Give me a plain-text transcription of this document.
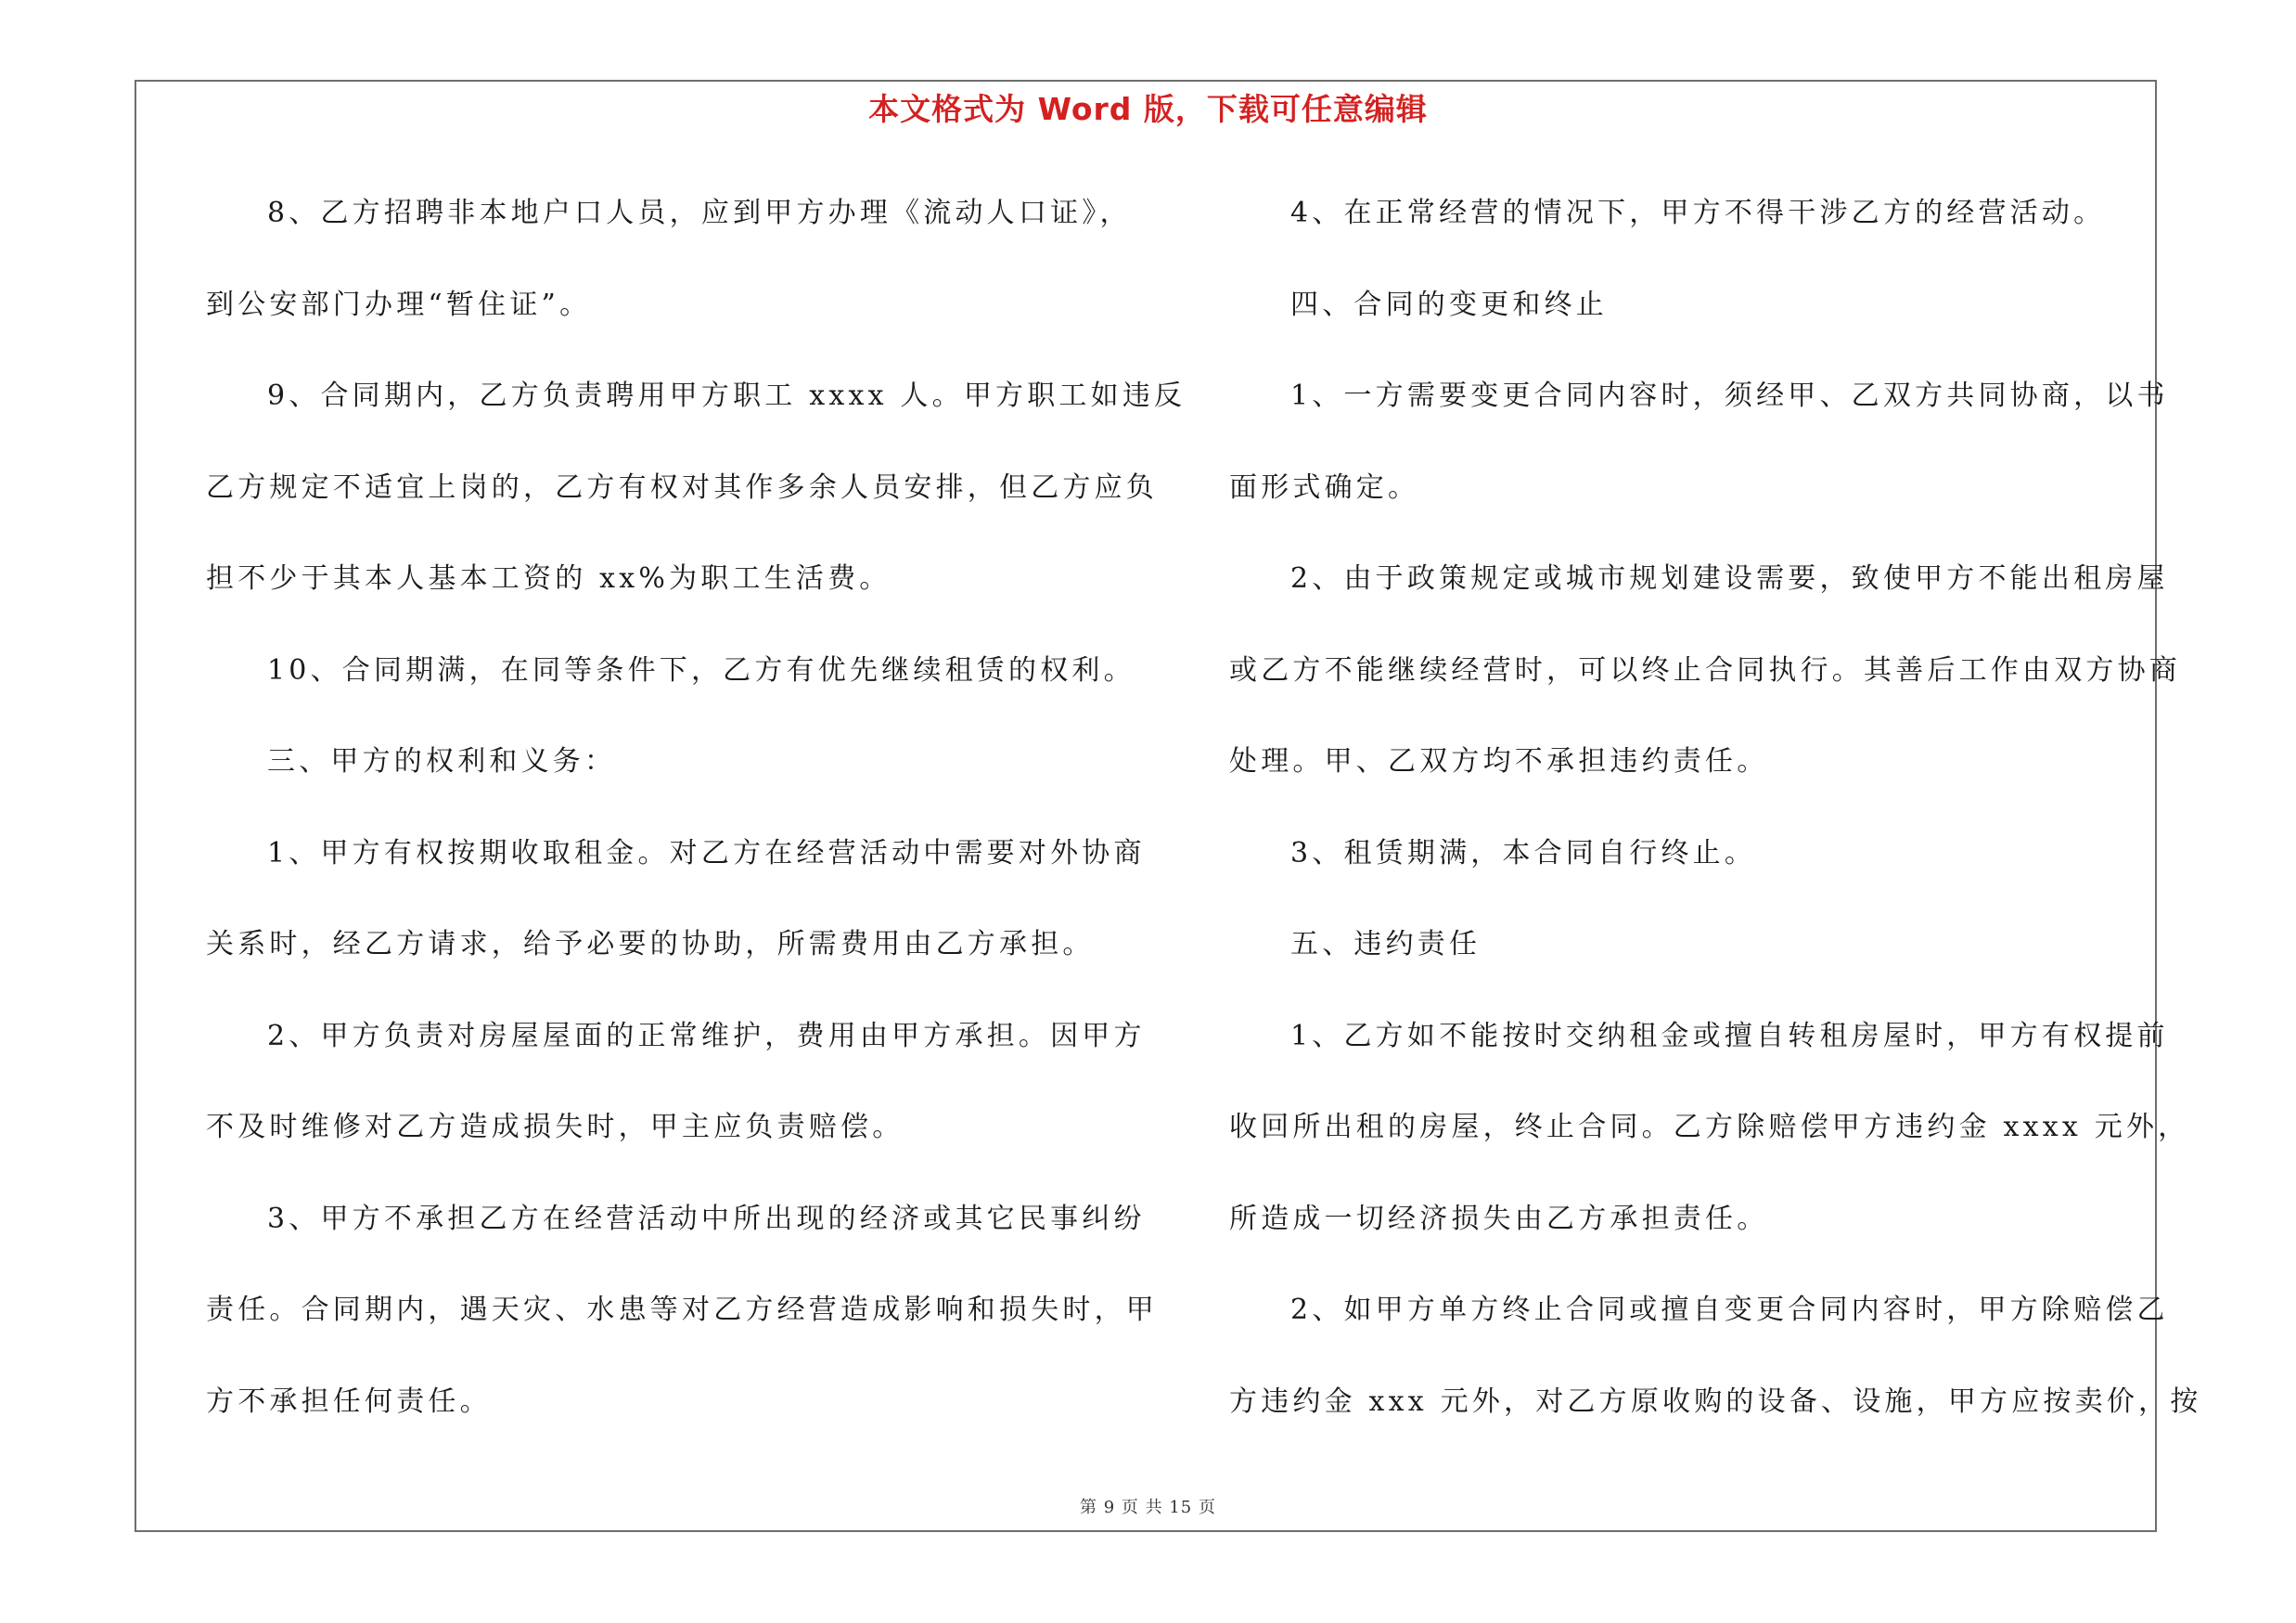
本文格式为 Word 版，下载可任意编辑
8、乙方招聘非本地户口人员，应到甲方办理《流动人口证》，
到公安部门办理“暂住证”。
9、合同期内，乙方负责聘用甲方职工 xxxx 人。甲方职工如违反
乙方规定不适宜上岗的，乙方有权对其作多余人员安排，但乙方应负
担不少于其本人基本工资的 xx%为职工生活费。
10、合同期满，在同等条件下，乙方有优先继续租赁的权利。
三、甲方的权利和义务：
1、甲方有权按期收取租金。对乙方在经营活动中需要对外协商
关系时，经乙方请求，给予必要的协助，所需费用由乙方承担。
2、甲方负责对房屋屋面的正常维护，费用由甲方承担。因甲方
不及时维修对乙方造成损失时，甲主应负责赔偿。
3、甲方不承担乙方在经营活动中所出现的经济或其它民事纠纷
责任。合同期内，遇天灾、水患等对乙方经营造成影响和损失时，甲
方不承担任何责任。
4、在正常经营的情况下，甲方不得干涉乙方的经营活动。
四、合同的变更和终止
1、一方需要变更合同内容时，须经甲、乙双方共同协商，以书
面形式确定。
2、由于政策规定或城市规划建设需要，致使甲方不能出租房屋
或乙方不能继续经营时，可以终止合同执行。其善后工作由双方协商
处理。甲、乙双方均不承担违约责任。
3、租赁期满，本合同自行终止。
五、违约责任
1、乙方如不能按时交纳租金或擅自转租房屋时，甲方有权提前
收回所出租的房屋，终止合同。乙方除赔偿甲方违约金 xxxx 元外，
所造成一切经济损失由乙方承担责任。
2、如甲方单方终止合同或擅自变更合同内容时，甲方除赔偿乙
方违约金 xxx 元外，对乙方原收购的设备、设施，甲方应按卖价，按
第 9 页 共 15 页
